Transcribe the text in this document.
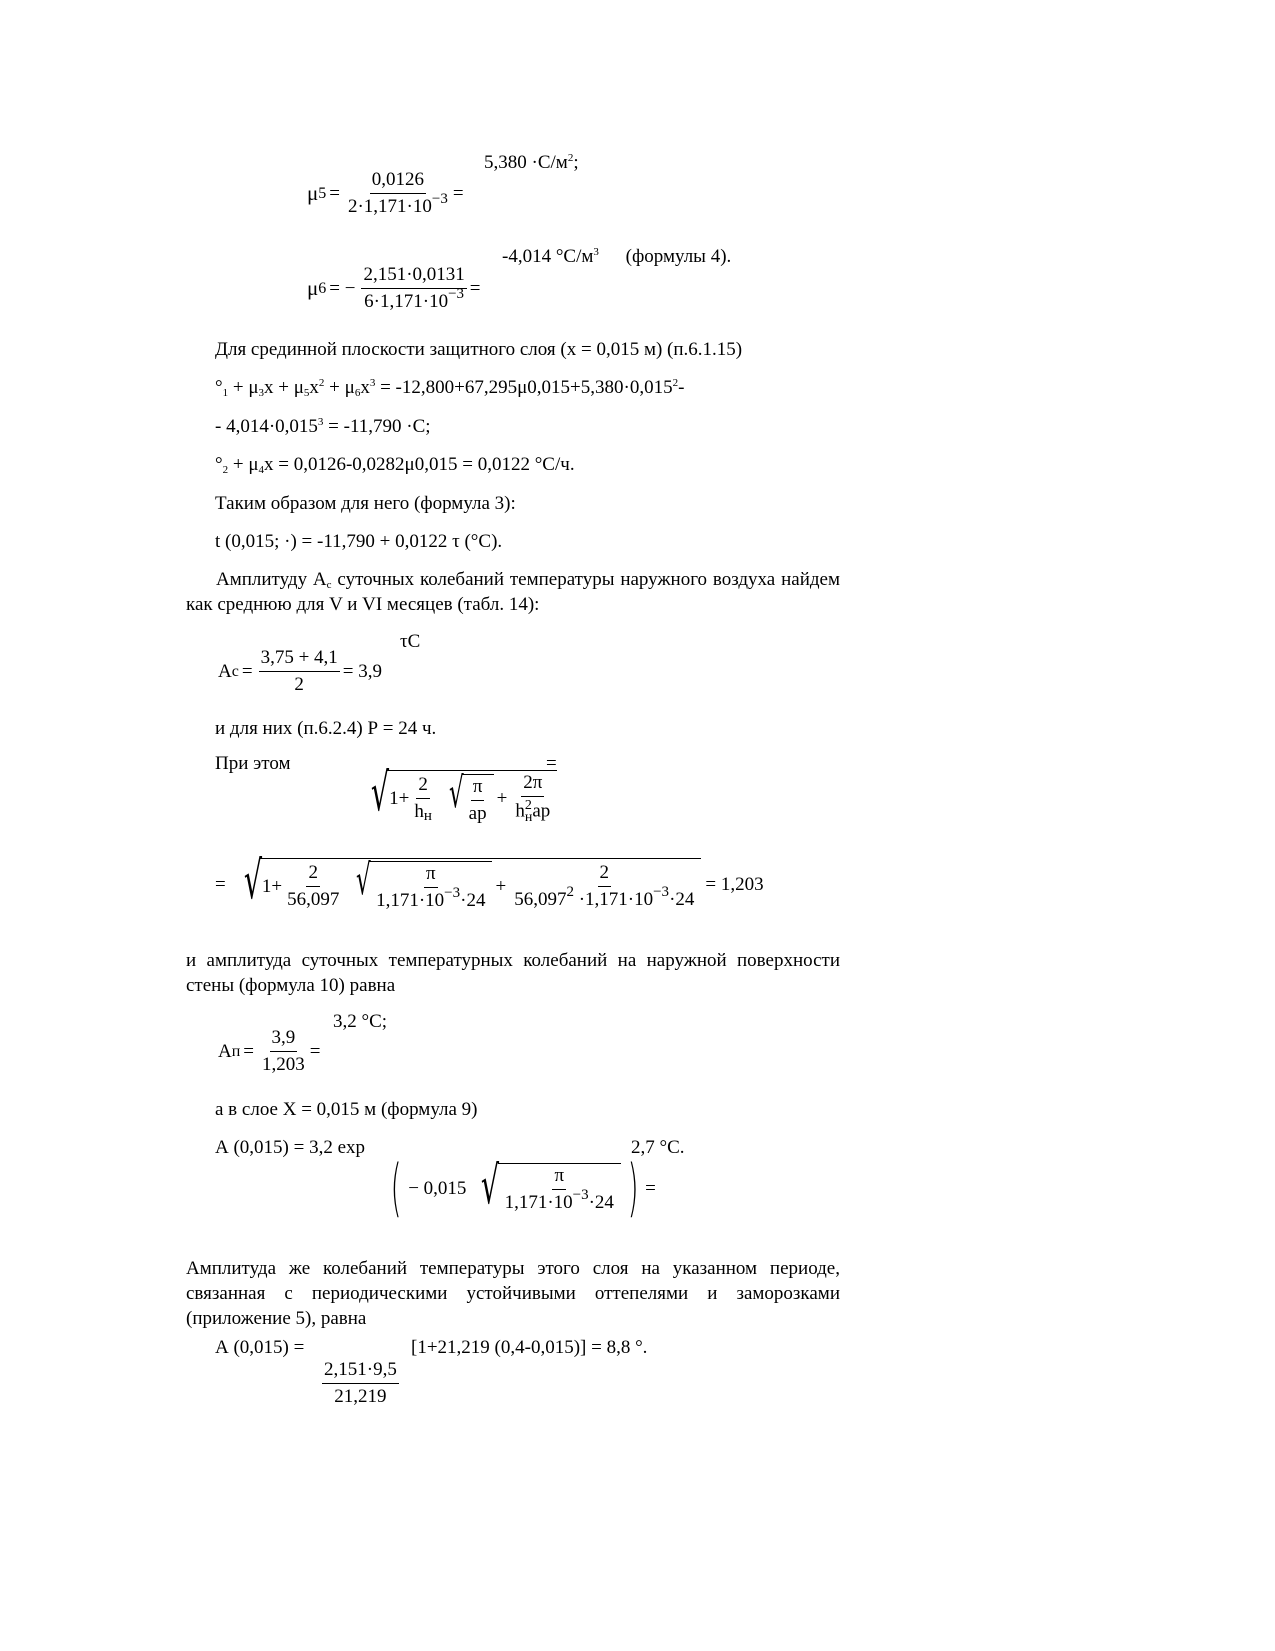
$5,380 \cdot С/м^2$;
μ $5 = \frac{0,0126}{2\cdot 1,171\cdot 10^{-3}}$ =
-4,014 $^\circ С/м^3$ (формулы 4).
μ 6 = − $\frac{2,151\cdot 0,0131}{6\cdot 1,171\cdot 10^{-3}}$ =
Для срединной плоскости защитного слоя (x = 0,015 м) (п.6.1.15)
$^\circ_1 + \mu_3x + \mu_5x^2 + \mu_6x^3 = -12,800+67,295\mu 0,015+5,380\cdot 0,015^2-$
- $4,014\cdot 0,015^3 = -11,790 \cdot С$;
$^\circ_2 + \mu_4x = 0,0126-0,0282\mu 0,015 = 0,0122$ °С/ч.
Таким образом для него (формула 3):
t (0,015; ·) = -11,790 + 0,0122 τ (°С).
Амплитуду $А_с$ суточных колебаний температуры наружного воздуха найдем как среднюю для V и VI месяцев (табл. 14):
τС
A $c = \frac{3,75 + 4,1}{2} = 3,9$
и для них (п.6.2.4) Р = 24 ч.
При этом	=
√ $1+ \frac{2}{h_н}$ √ $\frac{\pi}{ap} + 2\pi$
h 2
н ap
= √ $1+ \frac{2}{56,097}$ √ $\frac{\pi}{1,171\cdot 10^{-3}\cdot 24} + \frac{2}{56,097^2 \cdot 1,171\cdot 10^{-3}\cdot 24} = 1,203$
и амплитуда суточных температурных колебаний на наружной поверхности стены (формула 10) равна
3,2 °С;
A $п = \frac{3,9}{1,203}$ =
а в слое X = 0,015 м (формула 9)
А (0,015) = 3,2 exp	2,7 °С.
( − 0,015 √ $\frac{\pi}{1,171\cdot 10^{-3}\cdot 24}$ ) =
Амплитуда же колебаний температуры этого слоя на указанном периоде, связанная с периодическими устойчивыми оттепелями и заморозками (приложение 5), равна
А (0,015) =	[1+21,219 (0,4-0,015)] = 8,8 °.
$\frac{2,151\cdot 9,5}{21,219}$
